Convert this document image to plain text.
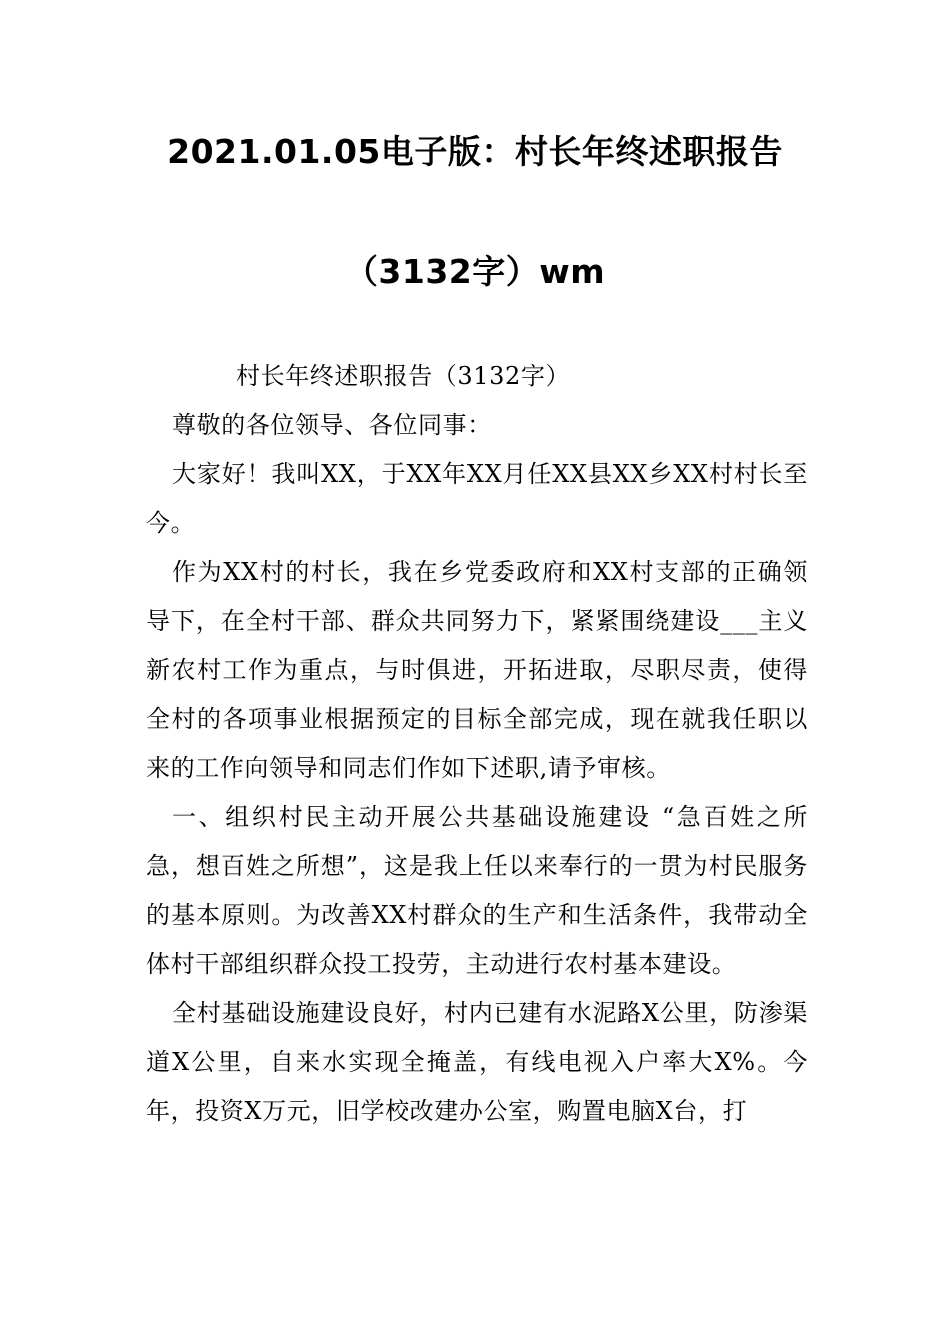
2021.01.05电子版：村长年终述职报告
（3132字）wm

村长年终述职报告（3132字）

尊敬的各位领导、各位同事：

大家好！我叫XX，于XX年XX月任XX县XX乡XX村村长至今。

作为XX村的村长，我在乡党委政府和XX村支部的正确领导下，在全村干部、群众共同努力下，紧紧围绕建设___主义新农村工作为重点，与时俱进，开拓进取，尽职尽责，使得全村的各项事业根据预定的目标全部完成，现在就我任职以来的工作向领导和同志们作如下述职,请予审核。

一、组织村民主动开展公共基础设施建设 “急百姓之所急，想百姓之所想”，这是我上任以来奉行的一贯为村民服务的基本原则。为改善XX村群众的生产和生活条件，我带动全体村干部组织群众投工投劳，主动进行农村基本建设。

全村基础设施建设良好，村内已建有水泥路X公里，防渗渠道X公里，自来水实现全掩盖，有线电视入户率大X%。今年，投资X万元，旧学校改建办公室，购置电脑X台，打
